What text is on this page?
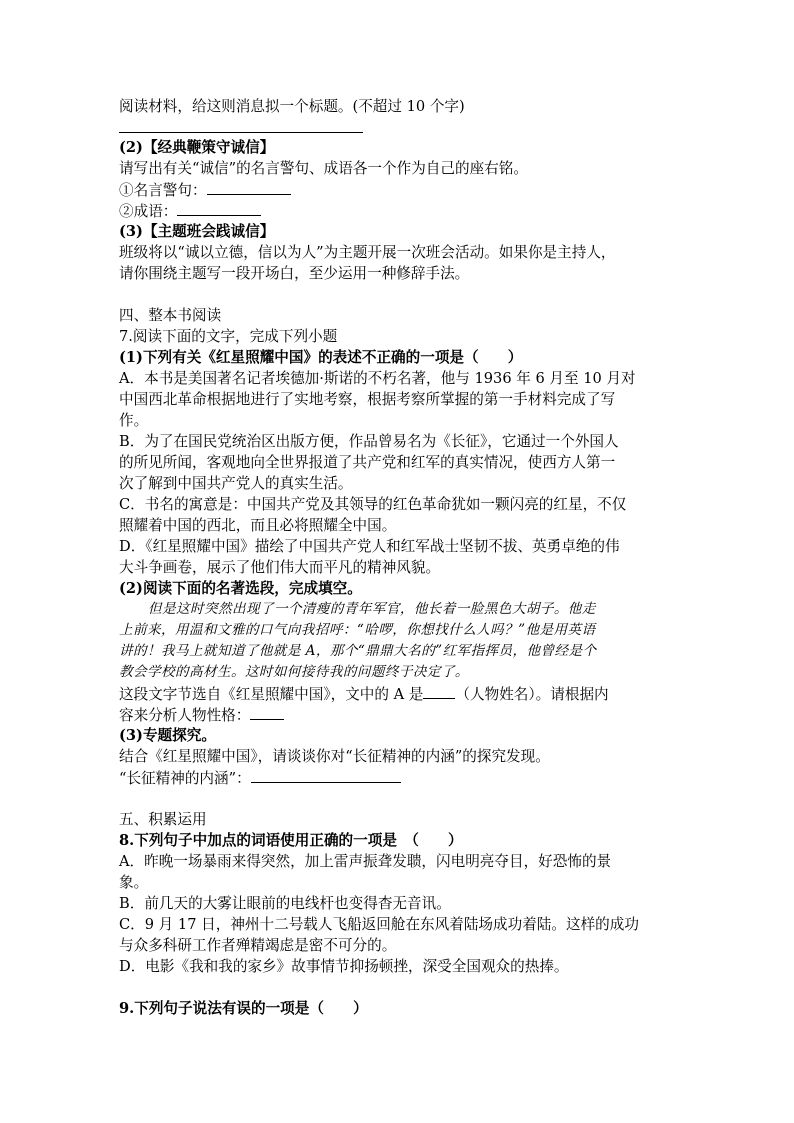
阅读材料，给这则消息拟一个标题。(不超过 10 个字)
(2)【经典鞭策守诚信】
请写出有关“诚信”的名言警句、成语各一个作为自己的座右铭。
①名言警句：
②成语：
(3)【主题班会践诚信】
班级将以“诚以立德，信以为人”为主题开展一次班会活动。如果你是主持人，
请你围绕主题写一段开场白，至少运用一种修辞手法。
四、整本书阅读
7.阅读下面的文字，完成下列小题
(1)下列有关《红星照耀中国》的表述不正确的一项是（　　）
A．本书是美国著名记者埃德加·斯诺的不朽名著，他与 1936 年 6 月至 10 月对
中国西北革命根据地进行了实地考察，根据考察所掌握的第一手材料完成了写
作。
B．为了在国民党统治区出版方便，作品曾易名为《长征》，它通过一个外国人
的所见所闻，客观地向全世界报道了共产党和红军的真实情况，使西方人第一
次了解到中国共产党人的真实生活。
C．书名的寓意是：中国共产党及其领导的红色革命犹如一颗闪亮的红星，不仅
照耀着中国的西北，而且必将照耀全中国。
D．《红星照耀中国》描绘了中国共产党人和红军战士坚韧不拔、英勇卓绝的伟
大斗争画卷，展示了他们伟大而平凡的精神风貌。
(2)阅读下面的名著选段，完成填空。
但是这时突然出现了一个清瘦的青年军官，他长着一脸黑色大胡子。他走
上前来，用温和文雅的口气向我招呼：“哈啰，你想找什么人吗？”他是用英语
讲的！我马上就知道了他就是 A，那个“鼎鼎大名的”红军指挥员，他曾经是个
教会学校的高材生。这时如何接待我的问题终于决定了。
这段文字节选自《红星照耀中国》，文中的 A 是 （人物姓名）。请根据内
容来分析人物性格：
(3)专题探究。
结合《红星照耀中国》，请谈谈你对“长征精神的内涵”的探究发现。
“长征精神的内涵”：
五、积累运用
8.下列句子中加点的词语使用正确的一项是　（　　）
A．昨晚一场暴雨来得突然，加上雷声振聋发聩，闪电明亮夺目，好恐怖的景
象。
B．前几天的大雾让眼前的电线杆也变得杳无音讯。
C．9 月 17 日，神州十二号载人飞船返回舱在东风着陆场成功着陆。这样的成功
与众多科研工作者殚精竭虑是密不可分的。
D．电影《我和我的家乡》故事情节抑扬顿挫，深受全国观众的热捧。
9.下列句子说法有误的一项是（　　）
